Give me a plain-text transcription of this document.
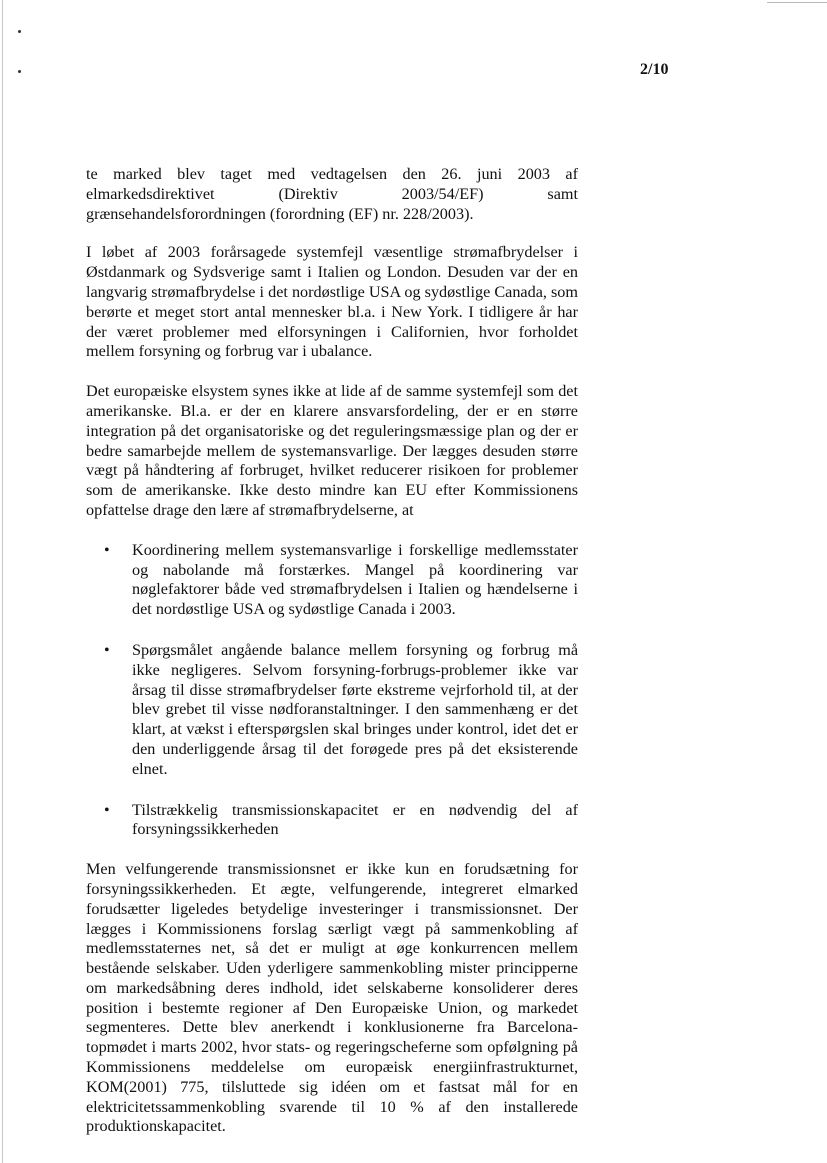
2/10

te marked blev taget med vedtagelsen den 26. juni 2003 af elmarkedsdirektivet (Direktiv 2003/54/EF) samt grænsehandelsforordningen (forordning (EF) nr. 228/2003).

I løbet af 2003 forårsagede systemfejl væsentlige strømafbrydelser i Østdanmark og Sydsverige samt i Italien og London. Desuden var der en langvarig strømafbrydelse i det nordøstlige USA og sydøstlige Canada, som berørte et meget stort antal mennesker bl.a. i New York. I tidligere år har der været problemer med elforsyningen i Californien, hvor forholdet mellem forsyning og forbrug var i ubalance.

Det europæiske elsystem synes ikke at lide af de samme systemfejl som det amerikanske. Bl.a. er der en klarere ansvarsfordeling, der er en større integration på det organisatoriske og det reguleringsmæssige plan og der er bedre samarbejde mellem de systemansvarlige. Der lægges desuden større vægt på håndtering af forbruget, hvilket reducerer risikoen for problemer som de amerikanske. Ikke desto mindre kan EU efter Kommissionens opfattelse drage den lære af strømafbrydelserne, at

• Koordinering mellem systemansvarlige i forskellige medlemsstater og nabolande må forstærkes. Mangel på koordinering var nøglefaktorer både ved strømafbrydelsen i Italien og hændelserne i det nordøstlige USA og sydøstlige Canada i 2003.

• Spørgsmålet angående balance mellem forsyning og forbrug må ikke negligeres. Selvom forsyning-forbrugs-problemer ikke var årsag til disse strømafbrydelser førte ekstreme vejrforhold til, at der blev grebet til visse nødforanstaltninger. I den sammenhæng er det klart, at vækst i efterspørgslen skal bringes under kontrol, idet det er den underliggende årsag til det forøgede pres på det eksisterende elnet.

• Tilstrækkelig transmissionskapacitet er en nødvendig del af forsyningssikkerheden

Men velfungerende transmissionsnet er ikke kun en forudsætning for forsyningssikkerheden. Et ægte, velfungerende, integreret elmarked forudsætter ligeledes betydelige investeringer i transmissionsnet. Der lægges i Kommissionens forslag særligt vægt på sammenkobling af medlemsstaternes net, så det er muligt at øge konkurrencen mellem bestående selskaber. Uden yderligere sammenkobling mister principperne om markedsåbning deres indhold, idet selskaberne konsoliderer deres position i bestemte regioner af Den Europæiske Union, og markedet segmenteres. Dette blev anerkendt i konklusionerne fra Barcelona-topmødet i marts 2002, hvor stats- og regeringscheferne som opfølgning på Kommissionens meddelelse om europæisk energiinfrastrukturnet, KOM(2001) 775, tilsluttede sig idéen om et fastsat mål for en elektricitetssammenkobling svarende til 10 % af den installerede produktionskapacitet.
